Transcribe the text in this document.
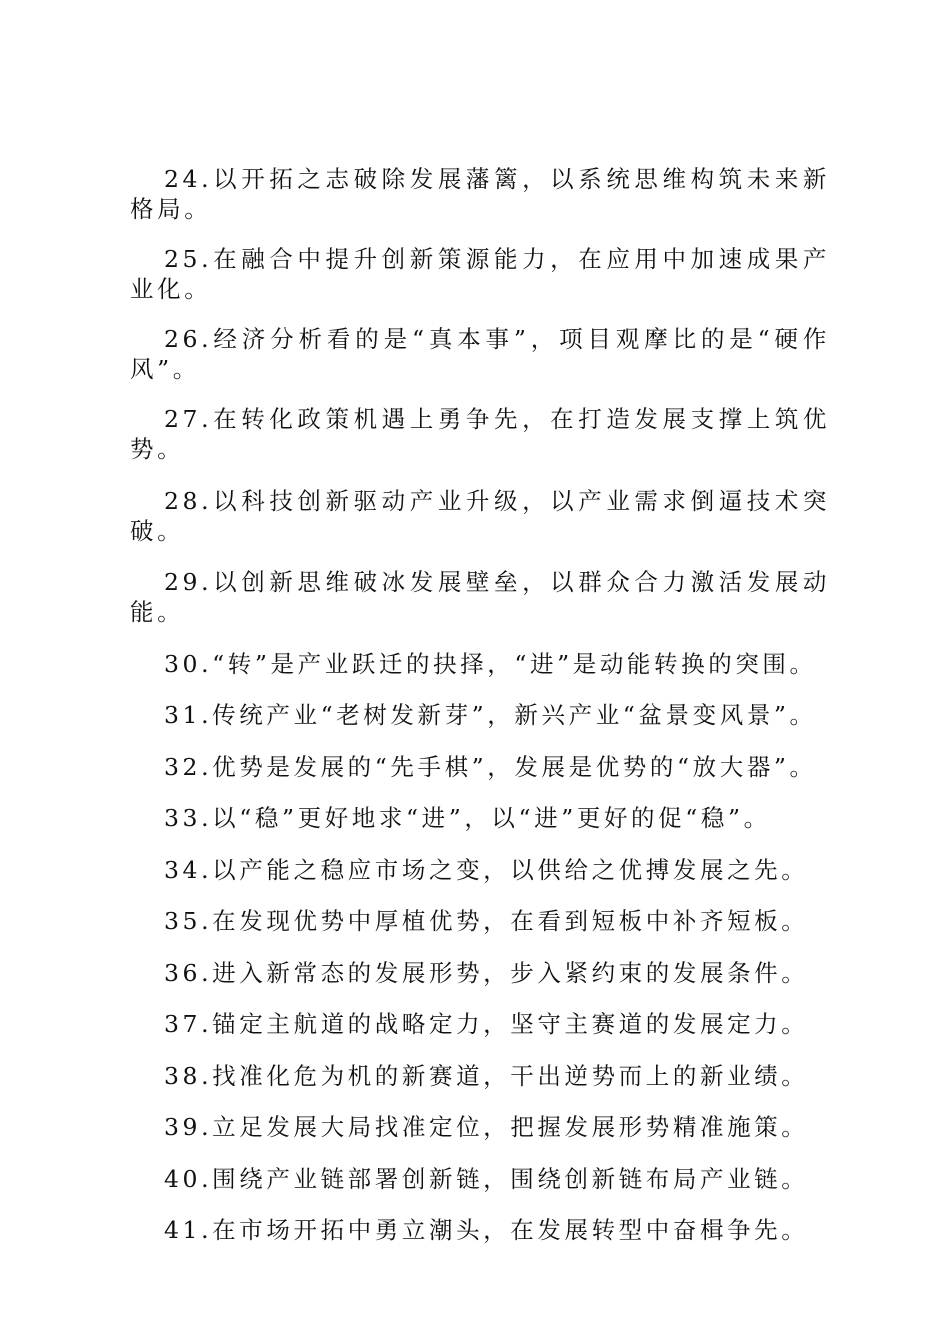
24.以开拓之志破除发展藩篱，以系统思维构筑未来新格局。

25.在融合中提升创新策源能力，在应用中加速成果产业化。

26.经济分析看的是“真本事”，项目观摩比的是“硬作风”。

27.在转化政策机遇上勇争先，在打造发展支撑上筑优势。

28.以科技创新驱动产业升级，以产业需求倒逼技术突破。

29.以创新思维破冰发展壁垒，以群众合力激活发展动能。

30.“转”是产业跃迁的抉择，“进”是动能转换的突围。

31.传统产业“老树发新芽”，新兴产业“盆景变风景”。

32.优势是发展的“先手棋”，发展是优势的“放大器”。

33.以“稳”更好地求“进”，以“进”更好的促“稳”。

34.以产能之稳应市场之变，以供给之优搏发展之先。

35.在发现优势中厚植优势，在看到短板中补齐短板。

36.进入新常态的发展形势，步入紧约束的发展条件。

37.锚定主航道的战略定力，坚守主赛道的发展定力。

38.找准化危为机的新赛道，干出逆势而上的新业绩。

39.立足发展大局找准定位，把握发展形势精准施策。

40.围绕产业链部署创新链，围绕创新链布局产业链。

41.在市场开拓中勇立潮头，在发展转型中奋楫争先。
